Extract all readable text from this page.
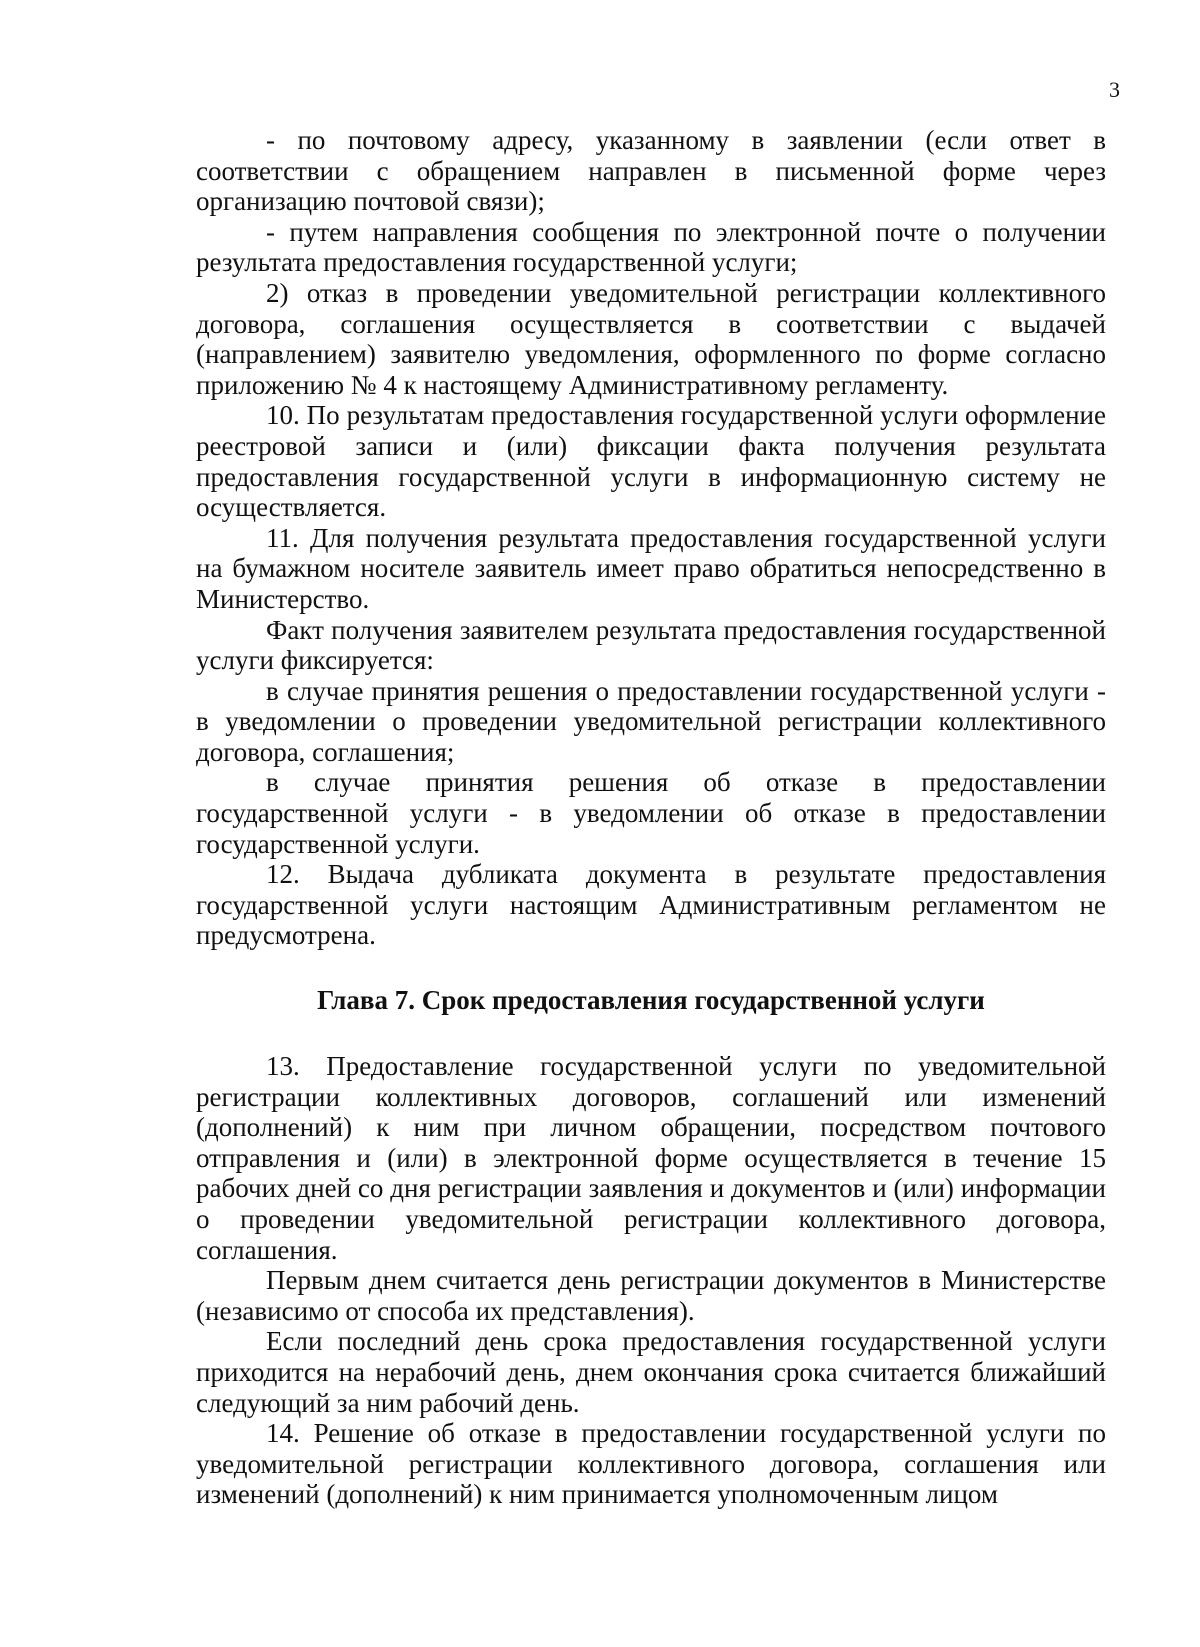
3

- по почтовому адресу, указанному в заявлении (если ответ в соответствии с обращением направлен в письменной форме через организацию почтовой связи);

- путем направления сообщения по электронной почте о получении результата предоставления государственной услуги;

2) отказ в проведении уведомительной регистрации коллективного договора, соглашения осуществляется в соответствии с выдачей (направлением) заявителю уведомления, оформленного по форме согласно приложению № 4 к настоящему Административному регламенту.

10. По результатам предоставления государственной услуги оформление реестровой записи и (или) фиксации факта получения результата предоставления государственной услуги в информационную систему не осуществляется.

11. Для получения результата предоставления государственной услуги на бумажном носителе заявитель имеет право обратиться непосредственно в Министерство.

Факт получения заявителем результата предоставления государственной услуги фиксируется:

в случае принятия решения о предоставлении государственной услуги - в уведомлении о проведении уведомительной регистрации коллективного договора, соглашения;

в случае принятия решения об отказе в предоставлении государственной услуги - в уведомлении об отказе в предоставлении государственной услуги.

12. Выдача дубликата документа в результате предоставления государственной услуги настоящим Административным регламентом не предусмотрена.

Глава 7. Срок предоставления государственной услуги

13. Предоставление государственной услуги по уведомительной регистрации коллективных договоров, соглашений или изменений (дополнений) к ним при личном обращении, посредством почтового отправления и (или) в электронной форме осуществляется в течение 15 рабочих дней со дня регистрации заявления и документов и (или) информации о проведении уведомительной регистрации коллективного договора, соглашения.

Первым днем считается день регистрации документов в Министерстве (независимо от способа их представления).

Если последний день срока предоставления государственной услуги приходится на нерабочий день, днем окончания срока считается ближайший следующий за ним рабочий день.

14. Решение об отказе в предоставлении государственной услуги по уведомительной регистрации коллективного договора, соглашения или изменений (дополнений) к ним принимается уполномоченным лицом
